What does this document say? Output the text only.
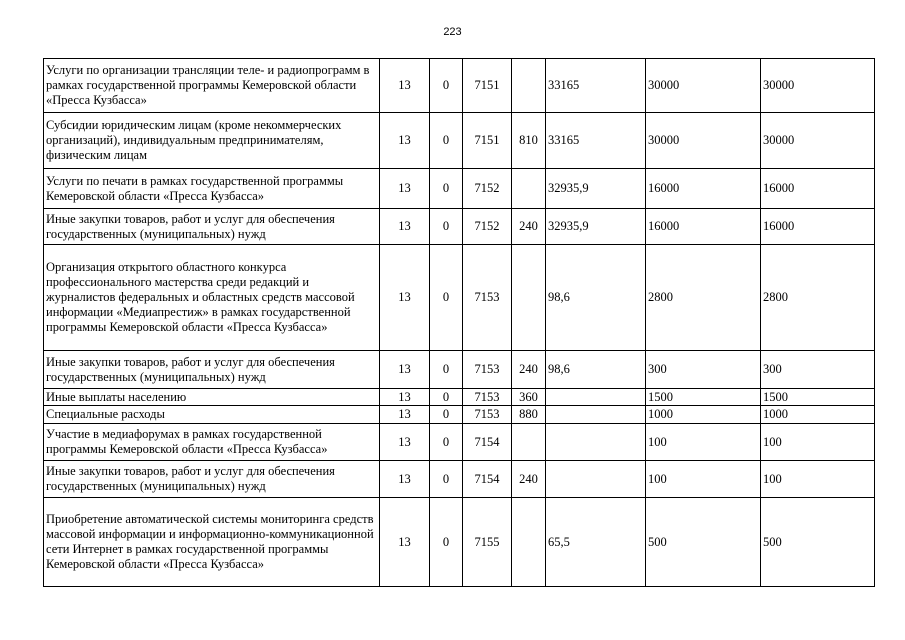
223
Услуги по организации трансляции теле- и радиопрограмм в рамках государственной программы Кемеровской области «Пресса Кузбасса»	13	0	7151		33165	30000	30000
Субсидии юридическим лицам (кроме некоммерческих организаций), индивидуальным предпринимателям, физическим лицам	13	0	7151	810	33165	30000	30000
Услуги по печати в рамках государственной программы Кемеровской области «Пресса Кузбасса»	13	0	7152		32935,9	16000	16000
Иные закупки товаров, работ и услуг для обеспечения государственных (муниципальных) нужд	13	0	7152	240	32935,9	16000	16000
Организация открытого областного конкурса профессионального мастерства среди редакций и журналистов федеральных и областных средств массовой информации «Медиапрестиж» в рамках государственной программы Кемеровской области «Пресса Кузбасса»	13	0	7153		98,6	2800	2800
Иные закупки товаров, работ и услуг для обеспечения государственных (муниципальных) нужд	13	0	7153	240	98,6	300	300
Иные выплаты населению	13	0	7153	360		1500	1500
Специальные расходы	13	0	7153	880		1000	1000
Участие в медиафорумах в рамках государственной программы Кемеровской области «Пресса Кузбасса»	13	0	7154			100	100
Иные закупки товаров, работ и услуг для обеспечения государственных (муниципальных) нужд	13	0	7154	240		100	100
Приобретение автоматической системы мониторинга средств массовой информации и информационно-коммуникационной сети Интернет в рамках государственной программы Кемеровской области «Пресса Кузбасса»	13	0	7155		65,5	500	500
